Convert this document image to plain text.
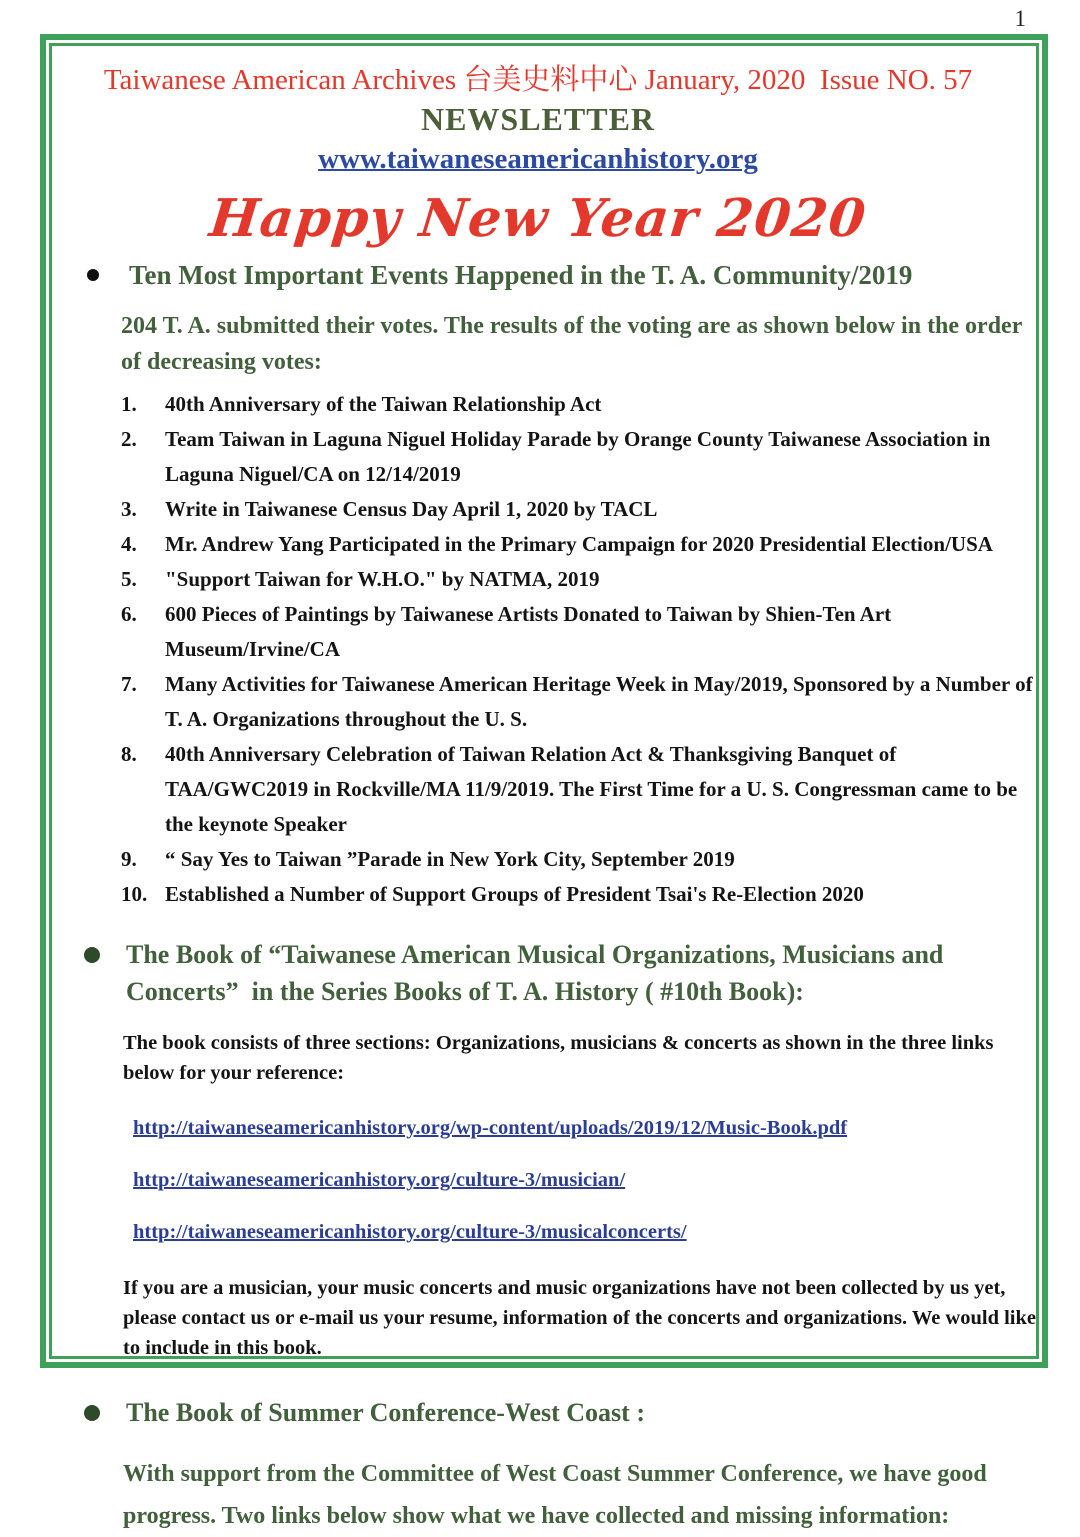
1
Taiwanese American Archives 台美史料中心 January, 2020  Issue NO. 57
NEWSLETTER
www.taiwaneseamericanhistory.org
Happy New Year 2020
Ten Most Important Events Happened in the T. A. Community/2019
204 T. A. submitted their votes. The results of the voting are as shown below in the order of decreasing votes:
1.	40th Anniversary of the Taiwan Relationship Act
2.	Team Taiwan in Laguna Niguel Holiday Parade by Orange County Taiwanese Association in Laguna Niguel/CA on 12/14/2019
3.	Write in Taiwanese Census Day April 1, 2020 by TACL
4.	Mr. Andrew Yang Participated in the Primary Campaign for 2020 Presidential Election/USA
5.	"Support Taiwan for W.H.O." by NATMA, 2019
6.	600 Pieces of Paintings by Taiwanese Artists Donated to Taiwan by Shien-Ten Art Museum/Irvine/CA
7.	Many Activities for Taiwanese American Heritage Week in May/2019, Sponsored by a Number of T. A. Organizations throughout the U. S.
8.	40th Anniversary Celebration of Taiwan Relation Act & Thanksgiving Banquet of TAA/GWC2019 in Rockville/MA 11/9/2019. The First Time for a U. S. Congressman came to be the keynote Speaker
9.	“ Say Yes to Taiwan ”Parade in New York City, September 2019
10. Established a Number of Support Groups of President Tsai's Re-Election 2020
The Book of “Taiwanese American Musical Organizations, Musicians and Concerts”  in the Series Books of T. A. History ( #10th Book):
The book consists of three sections: Organizations, musicians & concerts as shown in the three links below for your reference:
http://taiwaneseamericanhistory.org/wp-content/uploads/2019/12/Music-Book.pdf
http://taiwaneseamericanhistory.org/culture-3/musician/
http://taiwaneseamericanhistory.org/culture-3/musicalconcerts/
If you are a musician, your music concerts and music organizations have not been collected by us yet, please contact us or e-mail us your resume, information of the concerts and organizations. We would like to include in this book.
The Book of Summer Conference-West Coast :
With support from the Committee of West Coast Summer Conference, we have good progress. Two links below show what we have collected and missing information:
